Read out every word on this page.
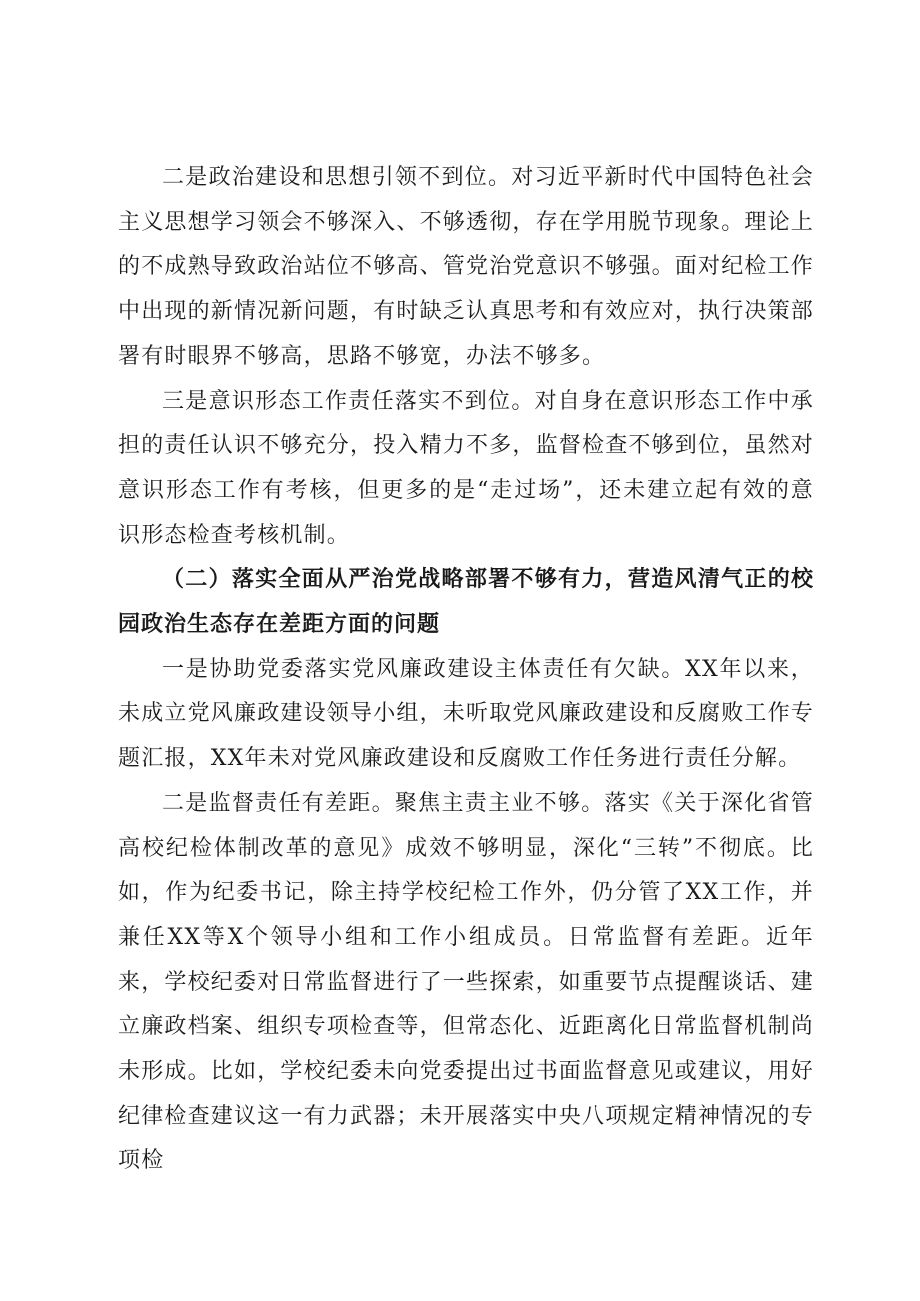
二是政治建设和思想引领不到位。对习近平新时代中国特色社会主义思想学习领会不够深入、不够透彻，存在学用脱节现象。理论上的不成熟导致政治站位不够高、管党治党意识不够强。面对纪检工作中出现的新情况新问题，有时缺乏认真思考和有效应对，执行决策部署有时眼界不够高，思路不够宽，办法不够多。

三是意识形态工作责任落实不到位。对自身在意识形态工作中承担的责任认识不够充分，投入精力不多，监督检查不够到位，虽然对意识形态工作有考核，但更多的是“走过场”，还未建立起有效的意识形态检查考核机制。

（二）落实全面从严治党战略部署不够有力，营造风清气正的校园政治生态存在差距方面的问题

一是协助党委落实党风廉政建设主体责任有欠缺。XX年以来，未成立党风廉政建设领导小组，未听取党风廉政建设和反腐败工作专题汇报，XX年未对党风廉政建设和反腐败工作任务进行责任分解。

二是监督责任有差距。聚焦主责主业不够。落实《关于深化省管高校纪检体制改革的意见》成效不够明显，深化“三转”不彻底。比如，作为纪委书记，除主持学校纪检工作外，仍分管了XX工作，并兼任XX等X个领导小组和工作小组成员。日常监督有差距。近年来，学校纪委对日常监督进行了一些探索，如重要节点提醒谈话、建立廉政档案、组织专项检查等，但常态化、近距离化日常监督机制尚未形成。比如，学校纪委未向党委提出过书面监督意见或建议，用好纪律检查建议这一有力武器；未开展落实中央八项规定精神情况的专项检
